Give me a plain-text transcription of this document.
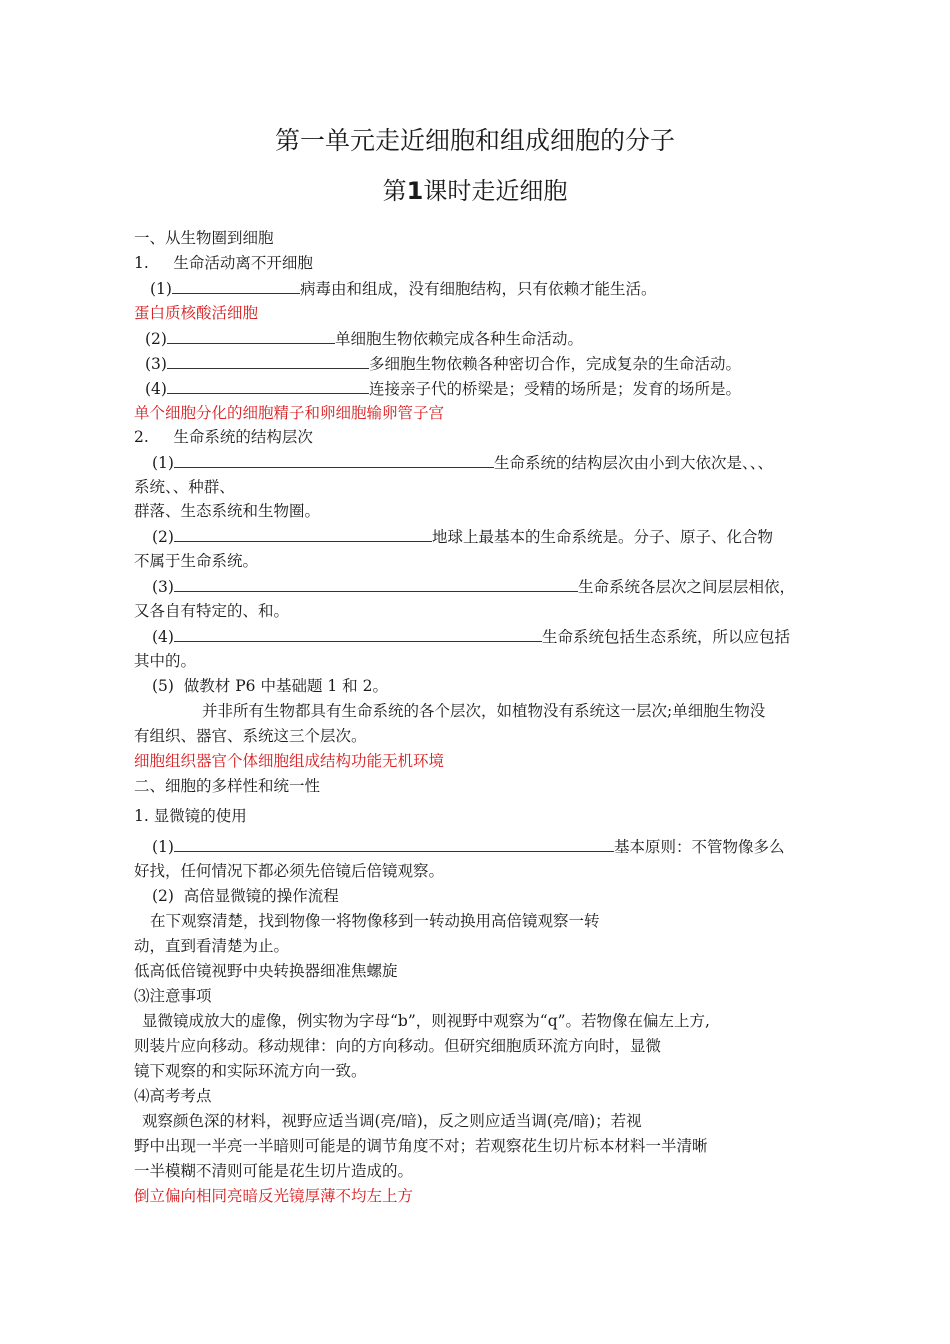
第一单元走近细胞和组成细胞的分子
第1课时走近细胞
一、从生物圈到细胞
1.     生命活动离不开细胞
(1)	病毒由和组成，没有细胞结构，只有依赖才能生活。
蛋白质核酸活细胞
(2)	单细胞生物依赖完成各种生命活动。
(3)	多细胞生物依赖各种密切合作，完成复杂的生命活动。
(4)	连接亲子代的桥梁是；受精的场所是；发育的场所是。
单个细胞分化的细胞精子和卵细胞输卵管子宫
2.     生命系统的结构层次
(1)	生命系统的结构层次由小到大依次是、、、
系统、、种群、
群落、生态系统和生物圈。
(2)	地球上最基本的生命系统是。分子、原子、化合物
不属于生命系统。
(3)	生命系统各层次之间层层相依，
又各自有特定的、和。
(4)	生命系统包括生态系统，所以应包括
其中的。
(5)  做教材 P6 中基础题 1 和 2。
并非所有生物都具有生命系统的各个层次，如植物没有系统这一层次;单细胞生物没
有组织、器官、系统这三个层次。
细胞组织器官个体细胞组成结构功能无机环境
二、细胞的多样性和统一性
1. 显微镜的使用
(1)	基本原则：不管物像多么
好找，任何情况下都必须先倍镜后倍镜观察。
(2)  高倍显微镜的操作流程
在下观察清楚，找到物像一将物像移到一转动换用高倍镜观察一转
动，直到看清楚为止。
低高低倍镜视野中央转换器细准焦螺旋
⑶注意事项
显微镜成放大的虚像，例实物为字母“b”，则视野中观察为“q”。若物像在偏左上方,
则装片应向移动。移动规律：向的方向移动。但研究细胞质环流方向时，显微
镜下观察的和实际环流方向一致。
⑷高考考点
观察颜色深的材料，视野应适当调(亮/暗)，反之则应适当调(亮/暗)；若视
野中出现一半亮一半暗则可能是的调节角度不对；若观察花生切片标本材料一半清晰
一半模糊不清则可能是花生切片造成的。
倒立偏向相同亮暗反光镜厚薄不均左上方
